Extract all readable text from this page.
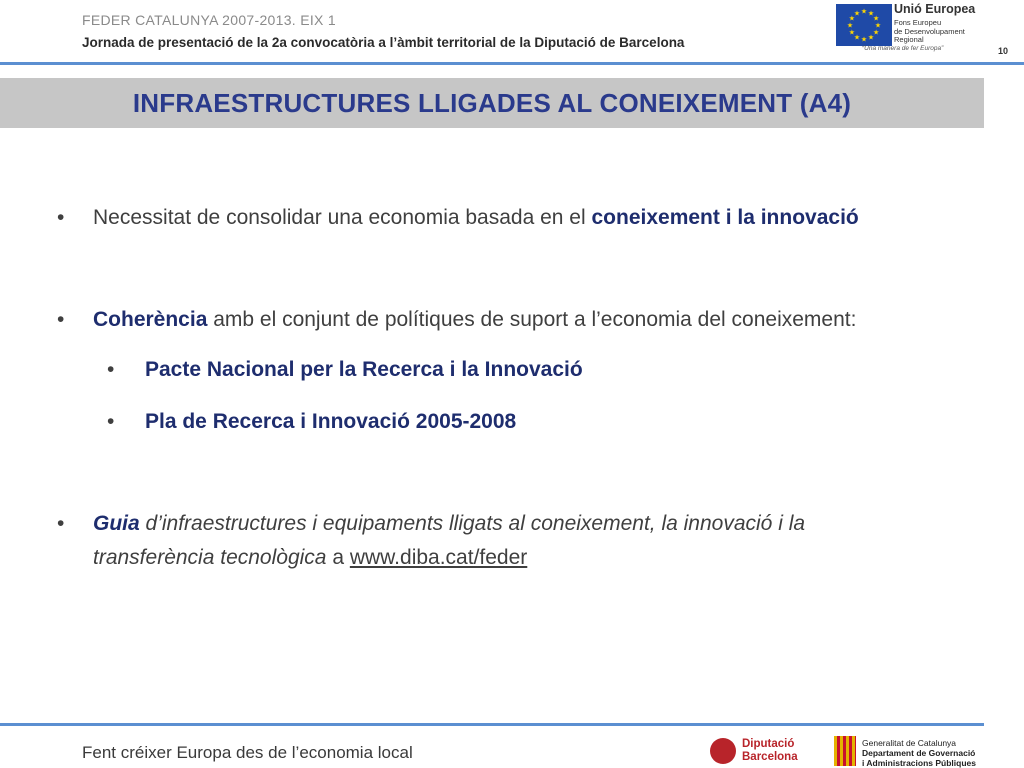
FEDER CATALUNYA 2007-2013. EIX 1
Jornada de presentació de la 2a convocatòria a l’àmbit territorial de la Diputació de Barcelona
★ ★
★
★
★
★
★
★
★
★
★
★	Unió Europea
Fons Europeu
de Desenvolupament
Regional
“Una manera de fer Europa”	10
INFRAESTRUCTURES LLIGADES AL CONEIXEMENT (A4)
•	Necessitat de consolidar una economia basada en el coneixement i la innovació
•	Coherència amb el conjunt de polítiques de suport a l’economia del coneixement:
•	Pacte Nacional per la Recerca i la Innovació
•	Pla de Recerca i Innovació 2005-2008
•	Guia d’infraestructures i equipaments lligats al coneixement, la innovació i la transferència tecnològica a www.diba.cat/feder
Fent créixer Europa des de l’economia local	Diputació
Barcelona
Generalitat de Catalunya
Departament de Governació
i Administracions Públiques
